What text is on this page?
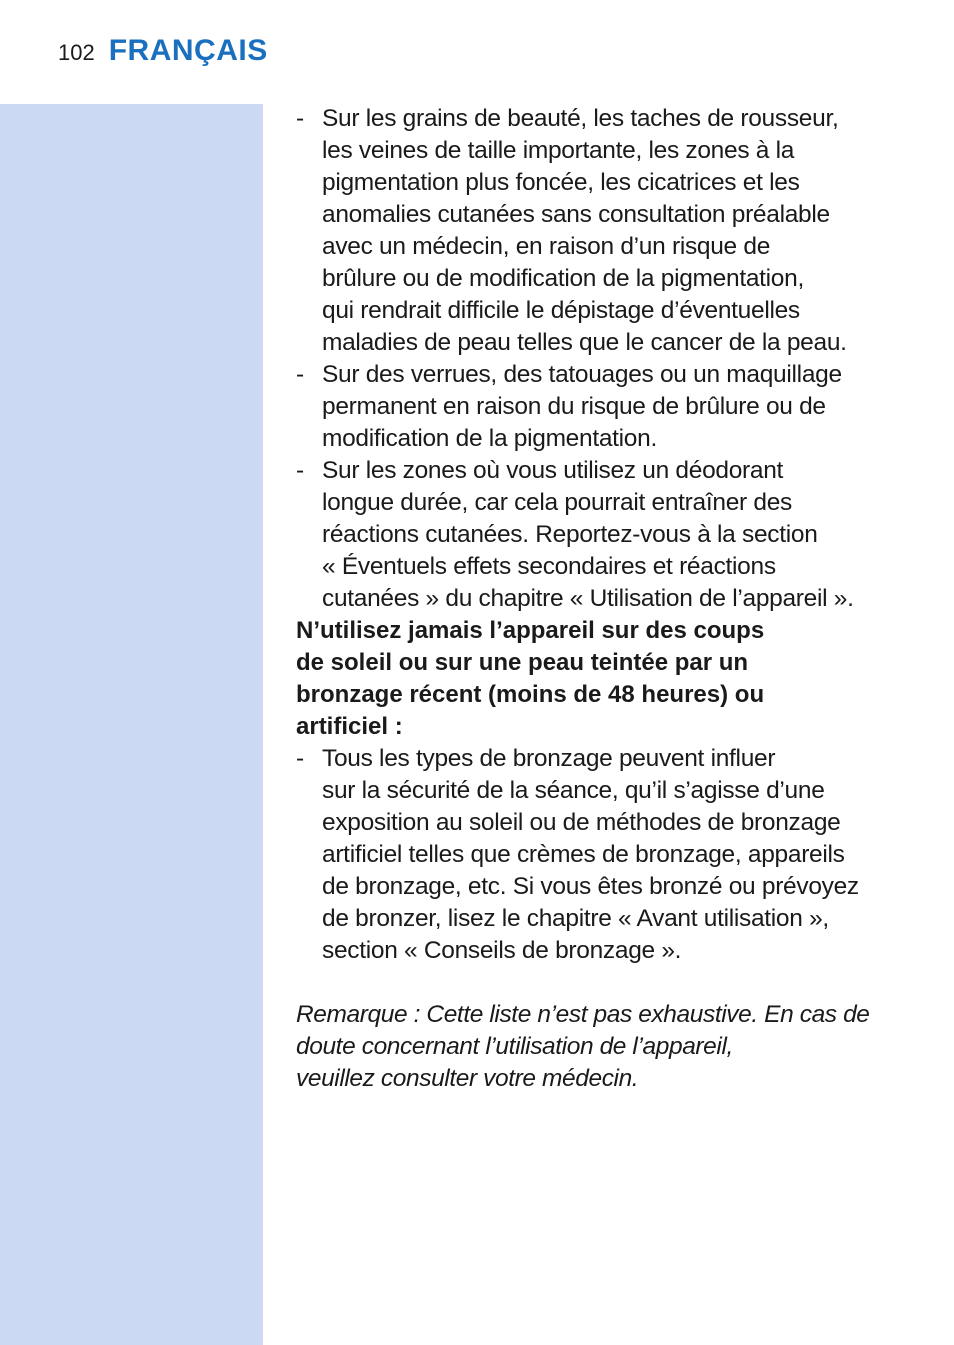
102 FRANÇAIS
- Sur les grains de beauté, les taches de rousseur,
les veines de taille importante, les zones à la
pigmentation plus foncée, les cicatrices et les
anomalies cutanées sans consultation préalable
avec un médecin, en raison d’un risque de
brûlure ou de modification de la pigmentation,
qui rendrait difficile le dépistage d’éventuelles
maladies de peau telles que le cancer de la peau.
- Sur des verrues, des tatouages ou un maquillage
permanent en raison du risque de brûlure ou de
modification de la pigmentation.
- Sur les zones où vous utilisez un déodorant
longue durée, car cela pourrait entraîner des
réactions cutanées. Reportez-vous à la section
« Éventuels effets secondaires et réactions
cutanées » du chapitre « Utilisation de l’appareil ».
N’utilisez jamais l’appareil sur des coups
de soleil ou sur une peau teintée par un
bronzage récent (moins de 48 heures) ou
artificiel :
- Tous les types de bronzage peuvent influer
sur la sécurité de la séance, qu’il s’agisse d’une
exposition au soleil ou de méthodes de bronzage
artificiel telles que crèmes de bronzage, appareils
de bronzage, etc. Si vous êtes bronzé ou prévoyez
de bronzer, lisez le chapitre « Avant utilisation »,
section « Conseils de bronzage ».
Remarque : Cette liste n’est pas exhaustive. En cas de
doute concernant l’utilisation de l’appareil,
veuillez consulter votre médecin.
